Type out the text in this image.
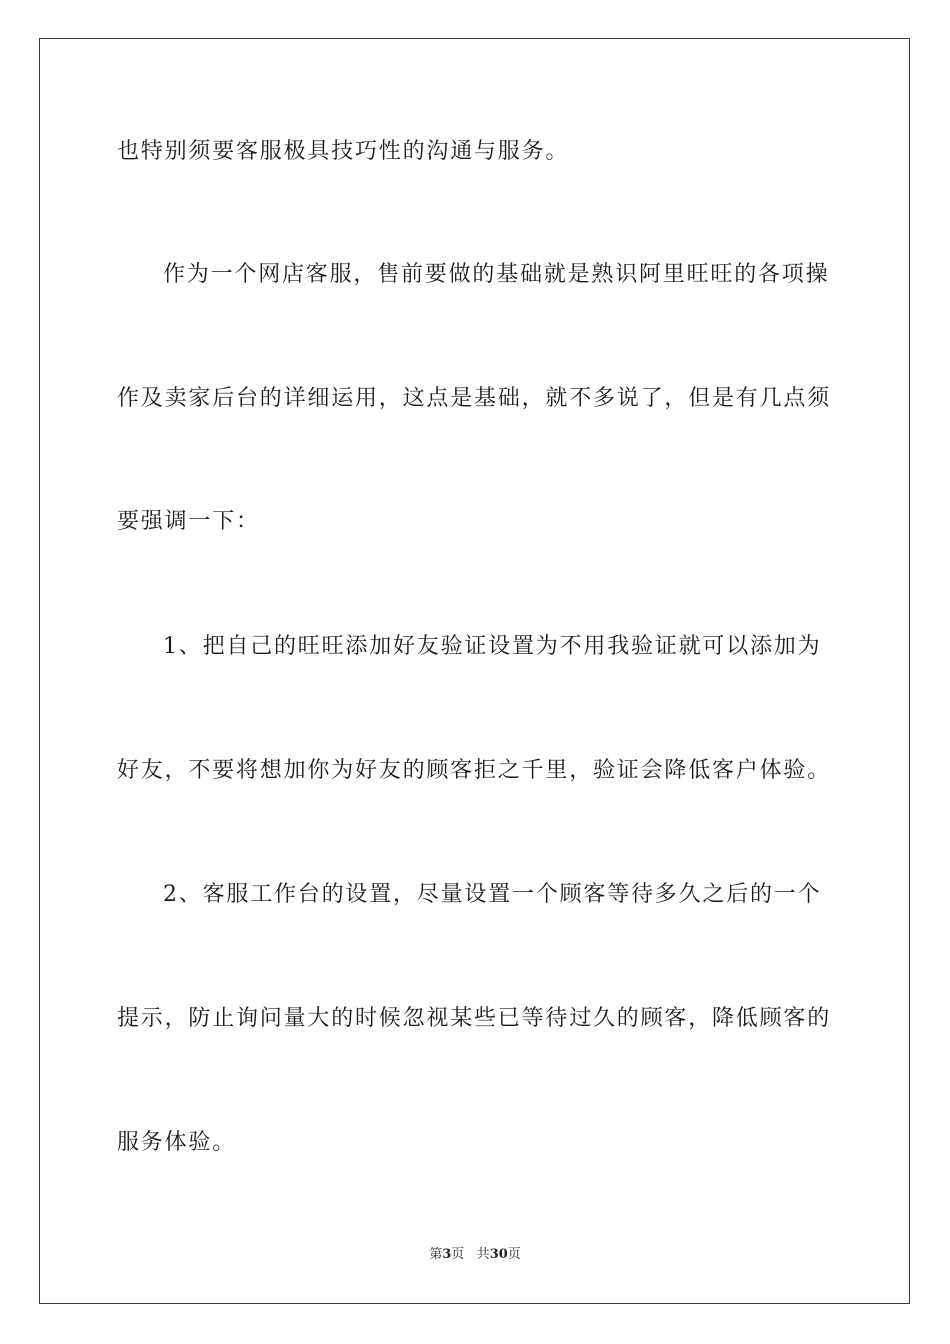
也特别须要客服极具技巧性的沟通与服务。
作为一个网店客服，售前要做的基础就是熟识阿里旺旺的各项操
作及卖家后台的详细运用，这点是基础，就不多说了，但是有几点须
要强调一下：
1、把自己的旺旺添加好友验证设置为不用我验证就可以添加为
好友，不要将想加你为好友的顾客拒之千里，验证会降低客户体验。
2、客服工作台的设置，尽量设置一个顾客等待多久之后的一个
提示，防止询问量大的时候忽视某些已等待过久的顾客，降低顾客的
服务体验。
第3页 共30页
